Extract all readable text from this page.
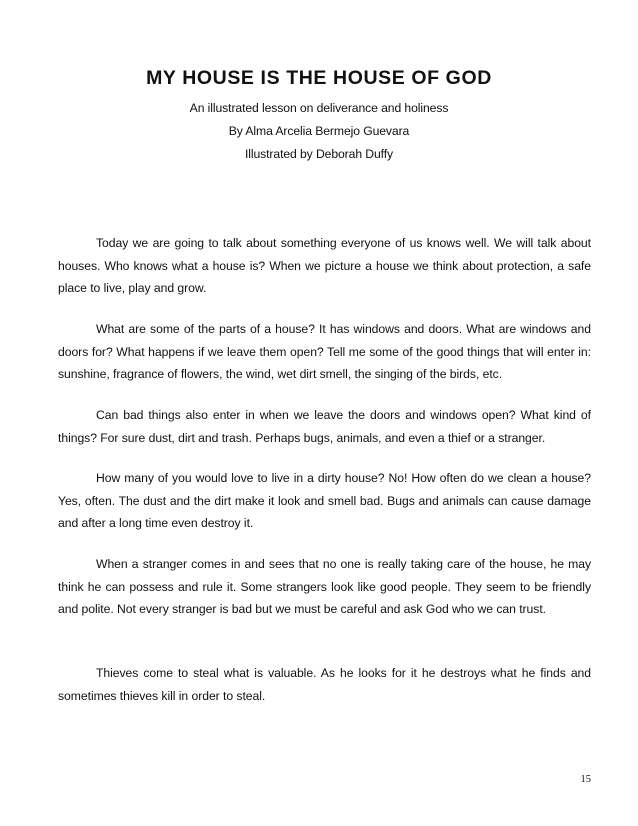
MY HOUSE IS THE HOUSE OF GOD

An illustrated lesson on deliverance and holiness

By Alma Arcelia Bermejo Guevara

Illustrated by Deborah Duffy

Today we are going to talk about something everyone of us knows well. We will talk about houses. Who knows what a house is? When we picture a house we think about protection, a safe place to live, play and grow.

What are some of the parts of a house? It has windows and doors. What are windows and doors for? What happens if we leave them open? Tell me some of the good things that will enter in: sunshine, fragrance of flowers, the wind, wet dirt smell, the singing of the birds, etc.

Can bad things also enter in when we leave the doors and windows open? What kind of things? For sure dust, dirt and trash. Perhaps bugs, animals, and even a thief or a stranger.

How many of you would love to live in a dirty house? No! How often do we clean a house? Yes, often. The dust and the dirt make it look and smell bad. Bugs and animals can cause damage and after a long time even destroy it.

When a stranger comes in and sees that no one is really taking care of the house, he may think he can possess and rule it. Some strangers look like good people. They seem to be friendly and polite. Not every stranger is bad but we must be careful and ask God who we can trust.

Thieves come to steal what is valuable. As he looks for it he destroys what he finds and sometimes thieves kill in order to steal.

15
